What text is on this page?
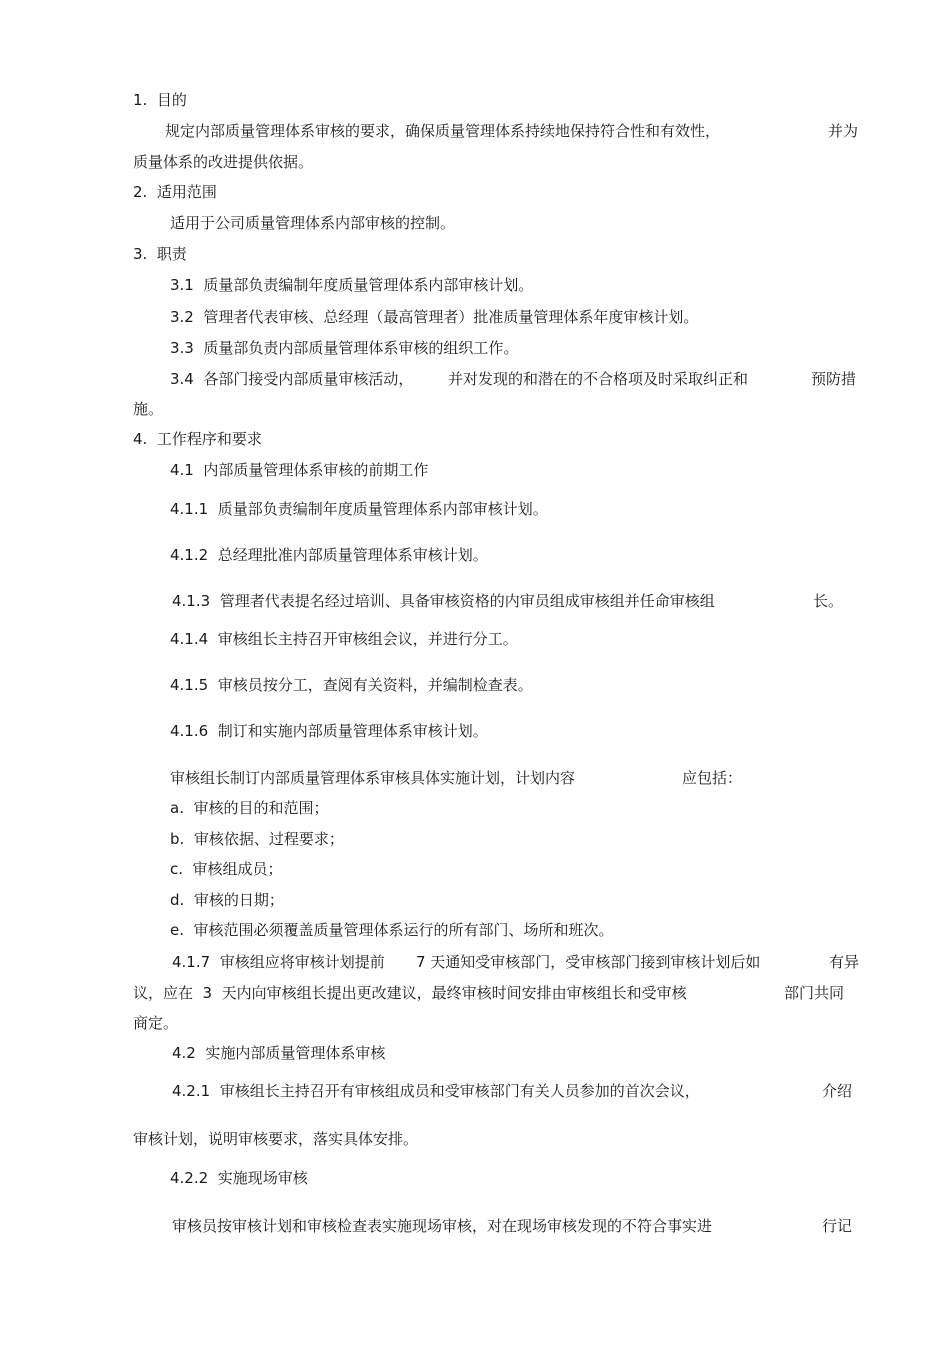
1.  目的
规定内部质量管理体系审核的要求，确保质量管理体系持续地保持符合性和有效性，	并为
质量体系的改进提供依据。
2.  适用范围
适用于公司质量管理体系内部审核的控制。
3.  职责
3.1  质量部负责编制年度质量管理体系内部审核计划。
3.2  管理者代表审核、总经理（最高管理者）批准质量管理体系年度审核计划。
3.3  质量部负责内部质量管理体系审核的组织工作。
3.4  各部门接受内部质量审核活动， 并对发现的和潜在的不合格项及时采取纠正和	预防措
施。
4.  工作程序和要求
4.1  内部质量管理体系审核的前期工作
4.1.1  质量部负责编制年度质量管理体系内部审核计划。
4.1.2  总经理批准内部质量管理体系审核计划。
4.1.3  管理者代表提名经过培训、具备审核资格的内审员组成审核组并任命审核组	长。
4.1.4  审核组长主持召开审核组会议，并进行分工。
4.1.5  审核员按分工，查阅有关资料，并编制检查表。
4.1.6  制订和实施内部质量管理体系审核计划。
审核组长制订内部质量管理体系审核具体实施计划，计划内容	应包括：
a.  审核的目的和范围；
b.  审核依据、过程要求；
c.  审核组成员；
d.  审核的日期；
e.  审核范围必须覆盖质量管理体系运行的所有部门、场所和班次。
4.1.7  审核组应将审核计划提前 7 天通知受审核部门，受审核部门接到审核计划后如	有异
议，应在  3  天内向审核组长提出更改建议，最终审核时间安排由审核组长和受审核	部门共同
商定。
4.2  实施内部质量管理体系审核
4.2.1  审核组长主持召开有审核组成员和受审核部门有关人员参加的首次会议，	介绍
审核计划，说明审核要求，落实具体安排。
4.2.2  实施现场审核
审核员按审核计划和审核检查表实施现场审核，对在现场审核发现的不符合事实进	行记
